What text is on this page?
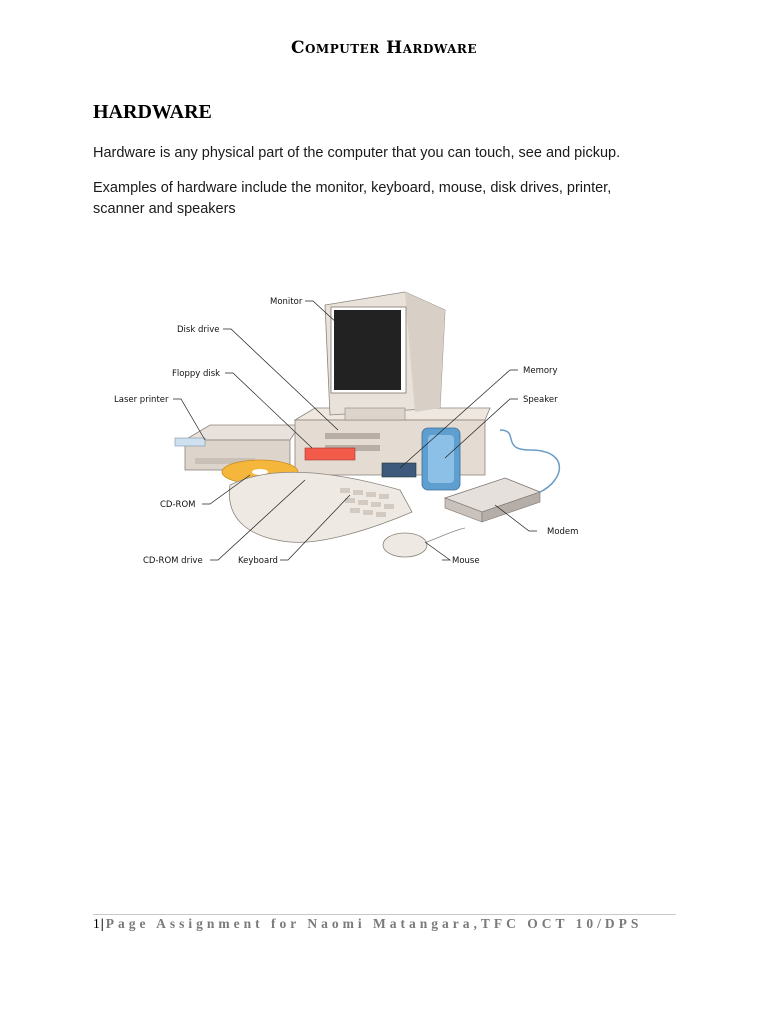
Computer Hardware
HARDWARE

Hardware is any physical part of the computer that you can touch, see and pickup.

Examples of hardware include the monitor, keyboard, mouse, disk drives, printer, scanner and speakers

Monitor
Disk drive
Floppy disk
Laser printer
CD-ROM
CD-ROM drive	Keyboard	Mouse
Modem
Memory
Speaker
1|Page Assignment for Naomi Matangara,TFC OCT 10/DPS
